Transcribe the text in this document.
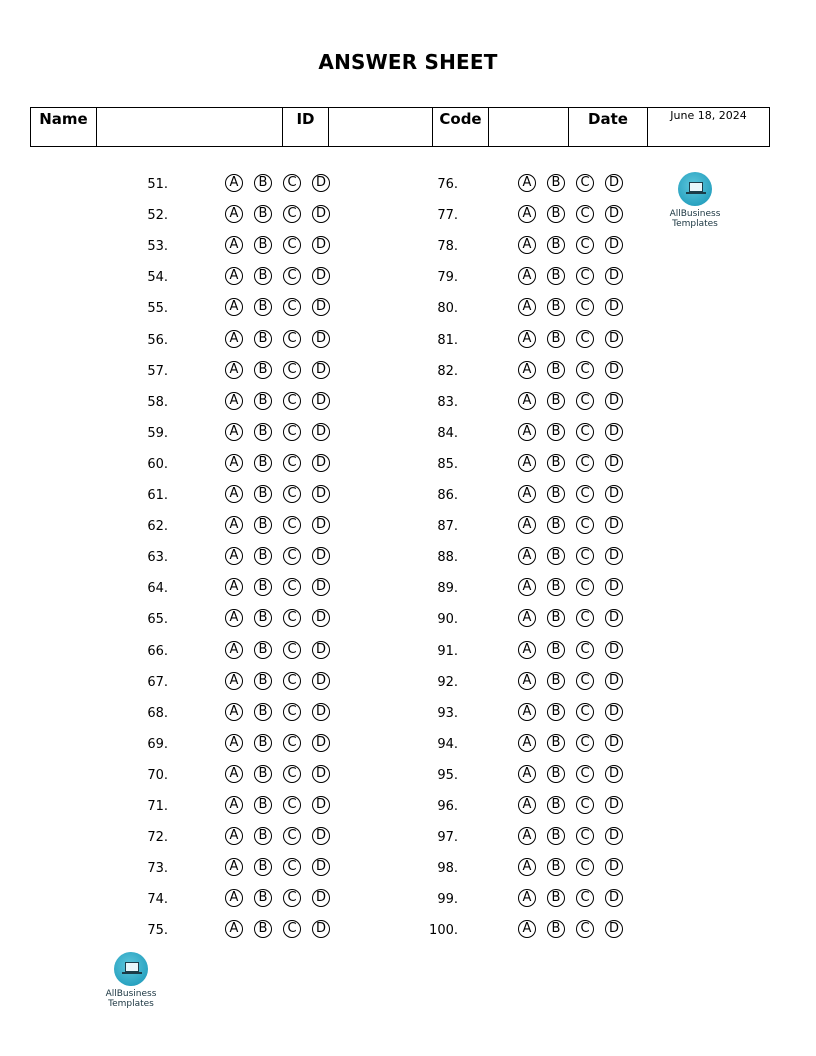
ANSWER SHEET
Name		ID		Code		Date	June 18, 2024
51.	A	B	C	D
52.	A	B	C	D
53.	A	B	C	D
54.	A	B	C	D
55.	A	B	C	D
56.	A	B	C	D
57.	A	B	C	D
58.	A	B	C	D
59.	A	B	C	D
60.	A	B	C	D
61.	A	B	C	D
62.	A	B	C	D
63.	A	B	C	D
64.	A	B	C	D
65.	A	B	C	D
66.	A	B	C	D
67.	A	B	C	D
68.	A	B	C	D
69.	A	B	C	D
70.	A	B	C	D
71.	A	B	C	D
72.	A	B	C	D
73.	A	B	C	D
74.	A	B	C	D
75.	A	B	C	D
76.	A	B	C	D
77.	A	B	C	D
78.	A	B	C	D
79.	A	B	C	D
80.	A	B	C	D
81.	A	B	C	D
82.	A	B	C	D
83.	A	B	C	D
84.	A	B	C	D
85.	A	B	C	D
86.	A	B	C	D
87.	A	B	C	D
88.	A	B	C	D
89.	A	B	C	D
90.	A	B	C	D
91.	A	B	C	D
92.	A	B	C	D
93.	A	B	C	D
94.	A	B	C	D
95.	A	B	C	D
96.	A	B	C	D
97.	A	B	C	D
98.	A	B	C	D
99.	A	B	C	D
100.	A	B	C	D
AllBusiness
Templates
AllBusiness
Templates
